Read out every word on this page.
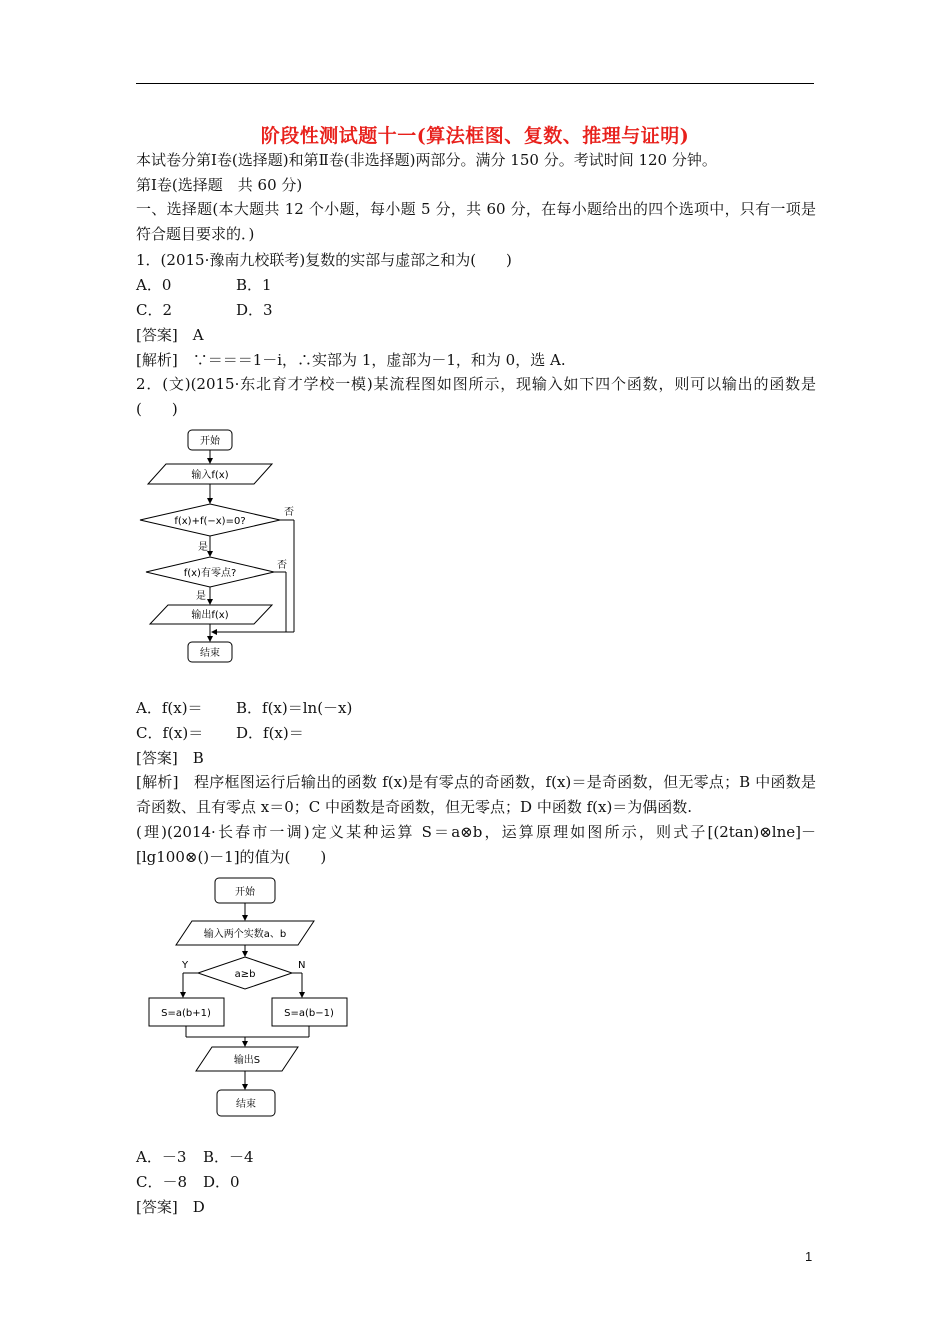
阶段性测试题十一(算法框图、复数、推理与证明)
本试卷分第Ⅰ卷(选择题)和第Ⅱ卷(非选择题)两部分。满分 150 分。考试时间 120 分钟。
第Ⅰ卷(选择题　共 60 分)
一、选择题(本大题共 12 个小题，每小题 5 分，共 60 分，在每小题给出的四个选项中，只有一项是符合题目要求的．)
1．(2015·豫南九校联考)复数的实部与虚部之和为(　　)
A．0	B．1
C．2	D．3
[答案]　A
[解析]　∵＝＝＝1－i，∴实部为 1，虚部为－1，和为 0，选 A.
2．(文)(2015·东北育才学校一模)某流程图如图所示，现输入如下四个函数，则可以输出的函数是(　　)
开始
输入f(x)
f(x)+f(−x)=0?
否
是
f(x)有零点?
否
是
输出f(x)
结束
A．f(x)＝ B．f(x)＝ln(－x)
C．f(x)＝ D．f(x)＝
[答案]　B
[解析]　程序框图运行后输出的函数 f(x)是有零点的奇函数，f(x)＝是奇函数，但无零点；B 中函数是奇函数、且有零点 x＝0；C 中函数是奇函数，但无零点；D 中函数 f(x)＝为偶函数.
(理)(2014·长春市一调)定义某种运算 S＝a⊗b，运算原理如图所示，则式子[(2tan)⊗lne]－[lg100⊗()－1]的值为(　　)
开始
输入两个实数a、b
a≥b
Y	N
S=a(b+1)	S=a(b−1)
输出S
结束
A．－3 B．－4
C．－8 D．0
[答案]　D
1
